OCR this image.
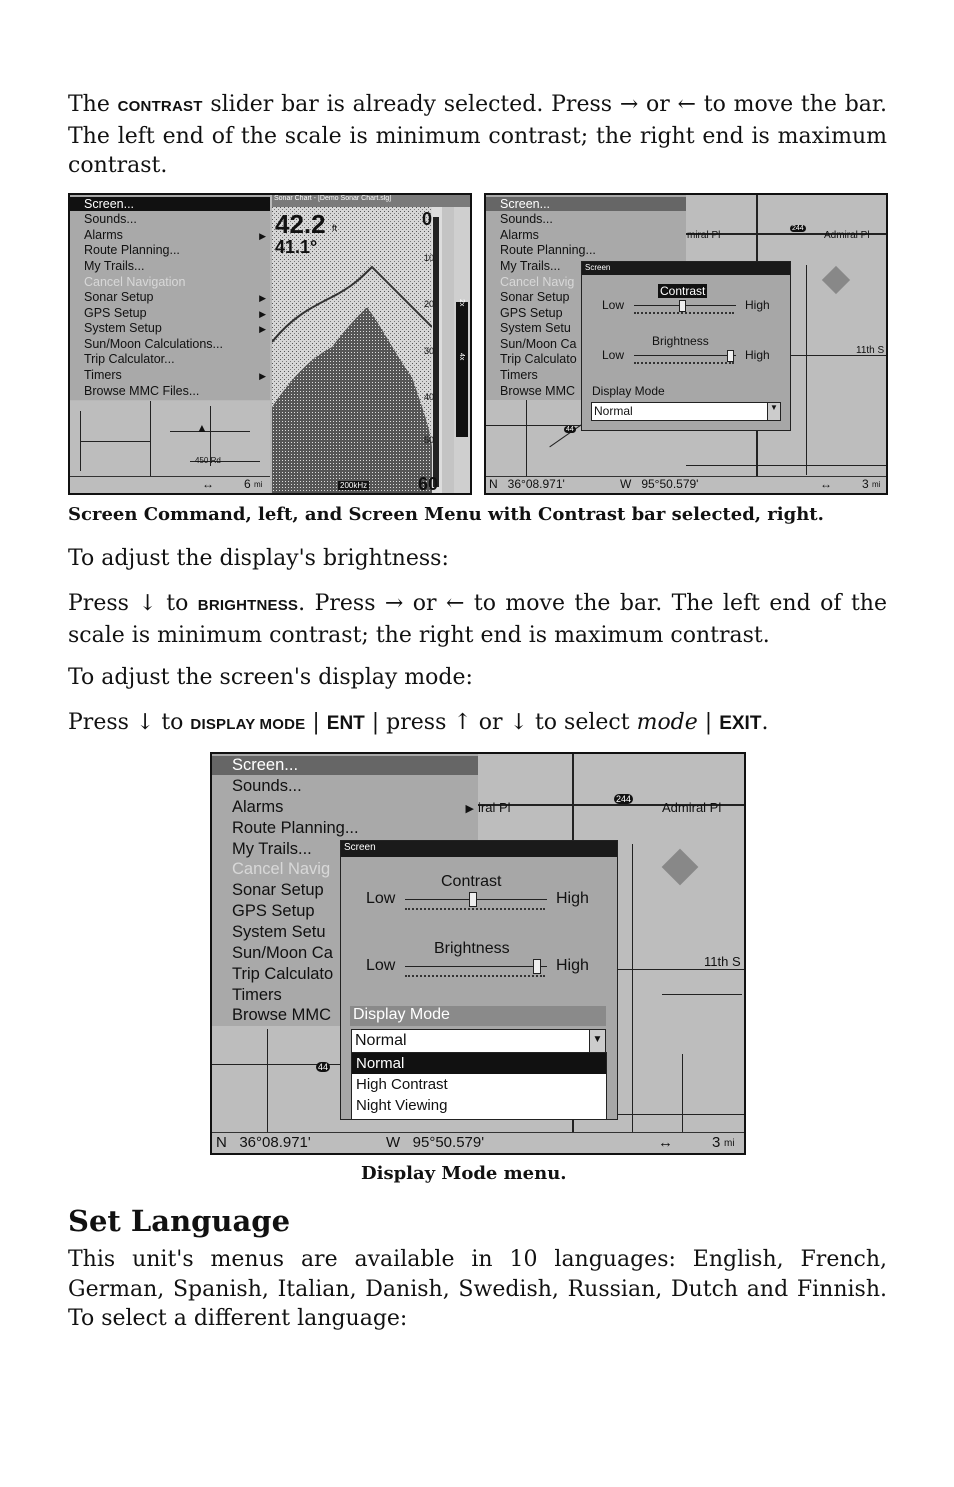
The CONTRAST slider bar is already selected. Press → or ← to move the bar. The left end of the scale is minimum contrast; the right end is maximum contrast.

Screen...
Sounds...
Alarms	▶
Route Planning...
My Trails...
Cancel Navigation
Sonar Setup	▶
GPS Setup	▶
System Setup	▶
Sun/Moon Calculations...
Trip Calculator...
Timers	▶
Browse MMC Files...
450 Rd
▲
↔	6 mi
Sonar Chart - [Demo Sonar Chart.slg]
42.2 ft
41.1°
0
10
20
30
40
50
60
200kHz
2x
4x
Admiral Pl
miral Pl
11th S
244
44
Screen...
Sounds...
Alarms
Route Planning...
My Trails...
Cancel Navig
Sonar Setup
GPS Setup
System Setu
Sun/Moon Ca
Trip Calculato
Timers
Browse MMC
Screen
Contrast
Low	High
Brightness
Low	High
Display Mode
Normal	▼
N   36°08.971'	W   95°50.579'	↔	3 mi

Screen Command, left, and Screen Menu with Contrast bar selected, right.

To adjust the display's brightness:

Press ↓ to BRIGHTNESS. Press → or ← to move the bar. The left end of the scale is minimum contrast; the right end is maximum contrast.

To adjust the screen's display mode:

Press ↓ to DISPLAY MODE | ENT | press ↑ or ↓ to select mode | EXIT.

Admiral Pl
iral Pl
11th S
244
44
Screen...
Sounds...
Alarms	▶
Route Planning...
My Trails...
Cancel Navig
Sonar Setup
GPS Setup
System Setu
Sun/Moon Ca
Trip Calculato
Timers
Browse MMC
Screen
Contrast
Low	High
Brightness
Low	High
Display Mode
Normal	▼
Normal
High Contrast
Night Viewing
N   36°08.971'	W   95°50.579'	↔	3 mi

Display Mode menu.

Set Language

This unit's menus are available in 10 languages: English, French, German, Spanish, Italian, Danish, Swedish, Russian, Dutch and Finnish. To select a different language:
